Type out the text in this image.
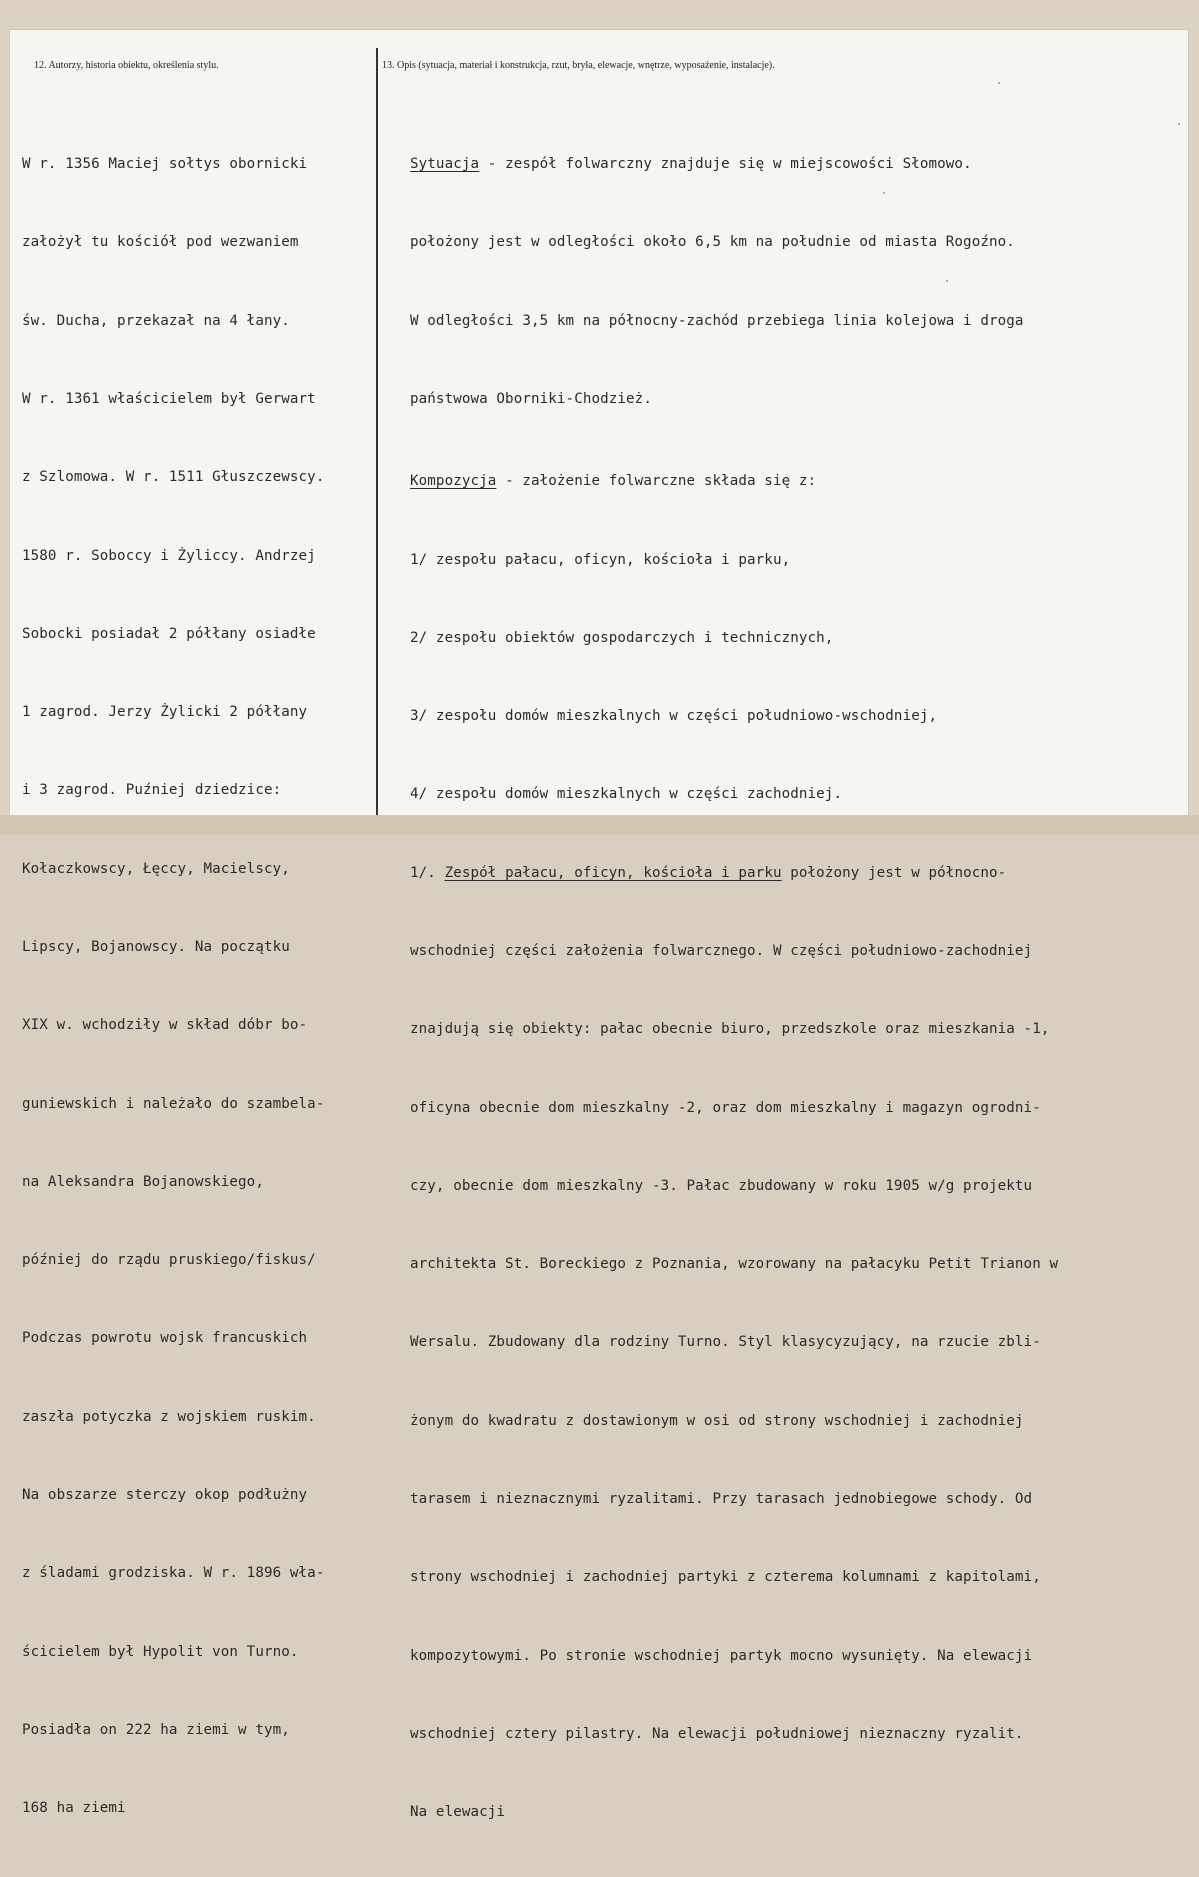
12. Autorzy, historia obiektu, określenia stylu.	13. Opis (sytuacja, materiał i konstrukcja, rzut, bryła, elewacje, wnętrze, wyposażenie, instalacje).

W r. 1356 Maciej sołtys obornicki

założył tu kościół pod wezwaniem

św. Ducha, przekazał na 4 łany.

W r. 1361 właścicielem był Gerwart

z Szlomowa. W r. 1511 Głuszczewscy.

1580 r. Soboccy i Żyliccy. Andrzej

Sobocki posiadał 2 półłany osiadłe

1 zagrod. Jerzy Żylicki 2 półłany

i 3 zagrod. Puźniej dziedzice:

Kołaczkowscy, Łęccy, Macielscy,

Lipscy, Bojanowscy. Na początku

XIX w. wchodziły w skład dóbr bo-

guniewskich i należało do szambela-

na Aleksandra Bojanowskiego,

później do rządu pruskiego/fiskus/

Podczas powrotu wojsk francuskich

zaszła potyczka z wojskiem ruskim.

Na obszarze sterczy okop podłużny

z śladami grodziska. W r. 1896 wła-

ścicielem był Hypolit von Turno.

Posiadła on 222 ha ziemi w tym,

168 ha ziemi

Sytuacja - zespół folwarczny znajduje się w miejscowości Słomowo.

położony jest w odległości około 6,5 km na południe od miasta Rogoźno.

W odległości 3,5 km na północny-zachód przebiega linia kolejowa i droga

państwowa Oborniki-Chodzież.

Kompozycja - założenie folwarczne składa się z:

1/ zespołu pałacu, oficyn, kościoła i parku,

2/ zespołu obiektów gospodarczych i technicznych,

3/ zespołu domów mieszkalnych w części południowo-wschodniej,

4/ zespołu domów mieszkalnych w części zachodniej.

1/. Zespół pałacu, oficyn, kościoła i parku położony jest w północno-

wschodniej części założenia folwarcznego. W części południowo-zachodniej

znajdują się obiekty: pałac obecnie biuro, przedszkole oraz mieszkania -1,

oficyna obecnie dom mieszkalny -2, oraz dom mieszkalny i magazyn ogrodni-

czy, obecnie dom mieszkalny -3. Pałac zbudowany w roku 1905 w/g projektu

architekta St. Boreckiego z Poznania, wzorowany na pałacyku Petit Trianon w

Wersalu. Zbudowany dla rodziny Turno. Styl klasycyzujący, na rzucie zbli-

żonym do kwadratu z dostawionym w osi od strony wschodniej i zachodniej

tarasem i nieznacznymi ryzalitami. Przy tarasach jednobiegowe schody. Od

strony wschodniej i zachodniej partyki z czterema kolumnami z kapitolami,

kompozytowymi. Po stronie wschodniej partyk mocno wysunięty. Na elewacji

wschodniej cztery pilastry. Na elewacji południowej nieznaczny ryzalit.

Na elewacji
